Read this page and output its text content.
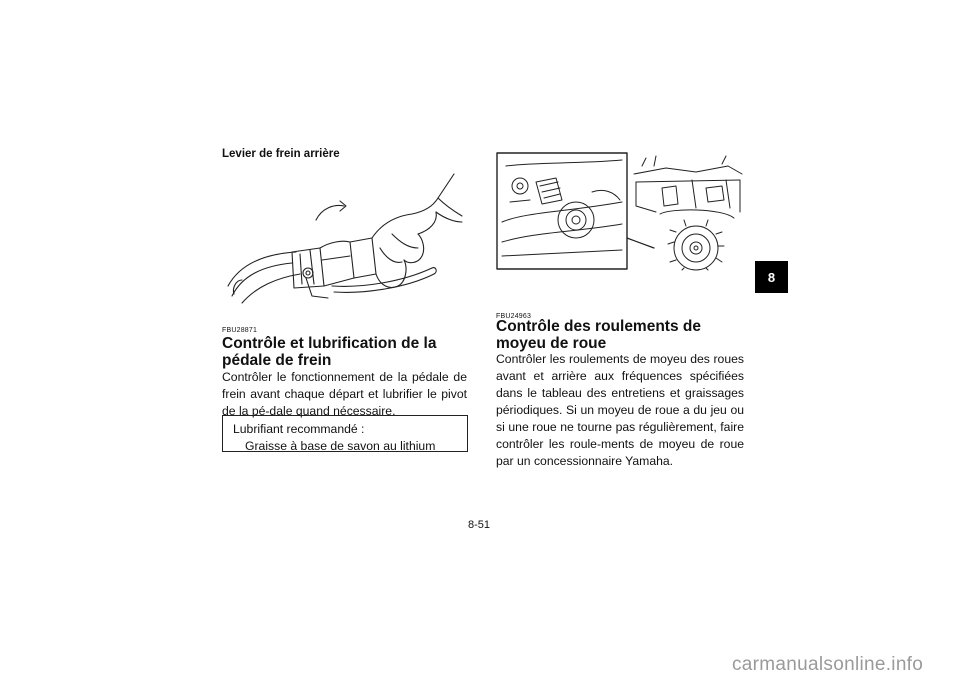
Levier de frein arrière
FBU28871
Contrôle et lubrification de la pédale de frein

Contrôler le fonctionnement de la pédale de frein avant chaque départ et lubrifier le pivot de la pé-dale quand nécessaire.

Lubrifiant recommandé :
Graisse à base de savon au lithium
FBU24963
Contrôle des roulements de moyeu de roue

Contrôler les roulements de moyeu des roues avant et arrière aux fréquences spécifiées dans le tableau des entretiens et graissages périodiques. Si un moyeu de roue a du jeu ou si une roue ne tourne pas régulièrement, faire contrôler les roule-ments de moyeu de roue par un concessionnaire Yamaha.

8
8-51
carmanualsonline.info
